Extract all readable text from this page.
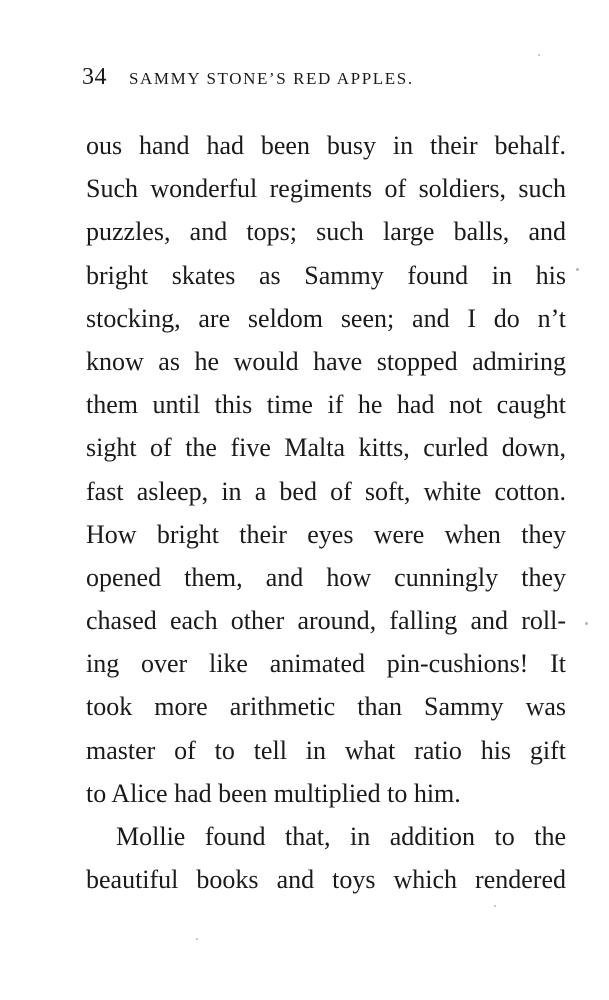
34 SAMMY STONE’S RED APPLES.
ous hand had been busy in their behalf.
Such wonderful regiments of soldiers, such
puzzles, and tops; such large balls, and
bright skates as Sammy found in his
stocking, are seldom seen; and I do n’t
know as he would have stopped admiring
them until this time if he had not caught
sight of the five Malta kitts, curled down,
fast asleep, in a bed of soft, white cotton.
How bright their eyes were when they
opened them, and how cunningly they
chased each other around, falling and roll-
ing over like animated pin-cushions! It
took more arithmetic than Sammy was
master of to tell in what ratio his gift
to Alice had been multiplied to him.
Mollie found that, in addition to the
beautiful books and toys which rendered
